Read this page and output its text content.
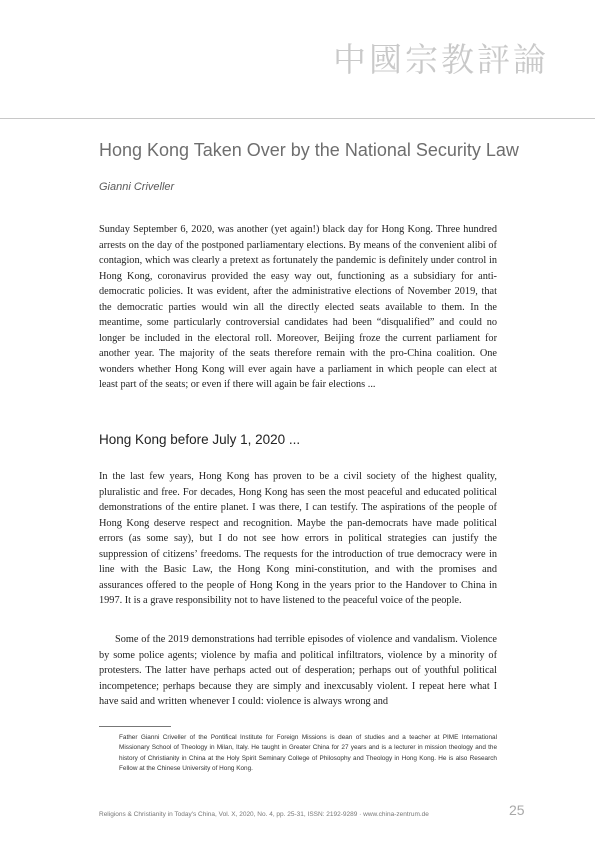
中國宗教評論
Hong Kong Taken Over by the National Security Law
Gianni Criveller

Sunday September 6, 2020, was another (yet again!) black day for Hong Kong. Three hundred arrests on the day of the postponed parliamentary elections. By means of the convenient alibi of contagion, which was clearly a pretext as fortunately the pandemic is definitely under control in Hong Kong, coronavirus provided the easy way out, functioning as a subsidiary for anti-democratic policies. It was evident, after the administrative elections of November 2019, that the democratic parties would win all the directly elected seats available to them. In the meantime, some particularly controversial candidates had been “disqualified” and could no longer be included in the electoral roll. Moreover, Beijing froze the current parliament for another year. The majority of the seats therefore remain with the pro-China coalition. One wonders whether Hong Kong will ever again have a parliament in which people can elect at least part of the seats; or even if there will again be fair elections ...

Hong Kong before July 1, 2020 ...

In the last few years, Hong Kong has proven to be a civil society of the highest quality, pluralistic and free. For decades, Hong Kong has seen the most peaceful and educated political demonstrations of the entire planet. I was there, I can testify. The aspirations of the people of Hong Kong deserve respect and recognition. Maybe the pan-democrats have made political errors (as some say), but I do not see how errors in political strategies can justify the suppression of citizens’ freedoms. The requests for the introduction of true democracy were in line with the Basic Law, the Hong Kong mini-constitution, and with the promises and assurances offered to the people of Hong Kong in the years prior to the Handover to China in 1997. It is a grave responsibility not to have listened to the peaceful voice of the people.

Some of the 2019 demonstrations had terrible episodes of violence and vandalism. Violence by some police agents; violence by mafia and political infiltrators, violence by a minority of protesters. The latter have perhaps acted out of desperation; perhaps out of youthful political incompetence; perhaps because they are simply and inexcusably violent. I repeat here what I have said and written whenever I could: violence is always wrong and

Father Gianni Criveller of the Pontifical Institute for Foreign Missions is dean of studies and a teacher at PIME International Missionary School of Theology in Milan, Italy. He taught in Greater China for 27 years and is a lecturer in mission theology and the history of Christianity in China at the Holy Spirit Seminary College of Philosophy and Theology in Hong Kong. He is also Research Fellow at the Chinese University of Hong Kong.

Religions & Christianity in Today's China, Vol. X, 2020, No. 4, pp. 25-31, ISSN: 2192-9289 · www.china-zentrum.de	25
